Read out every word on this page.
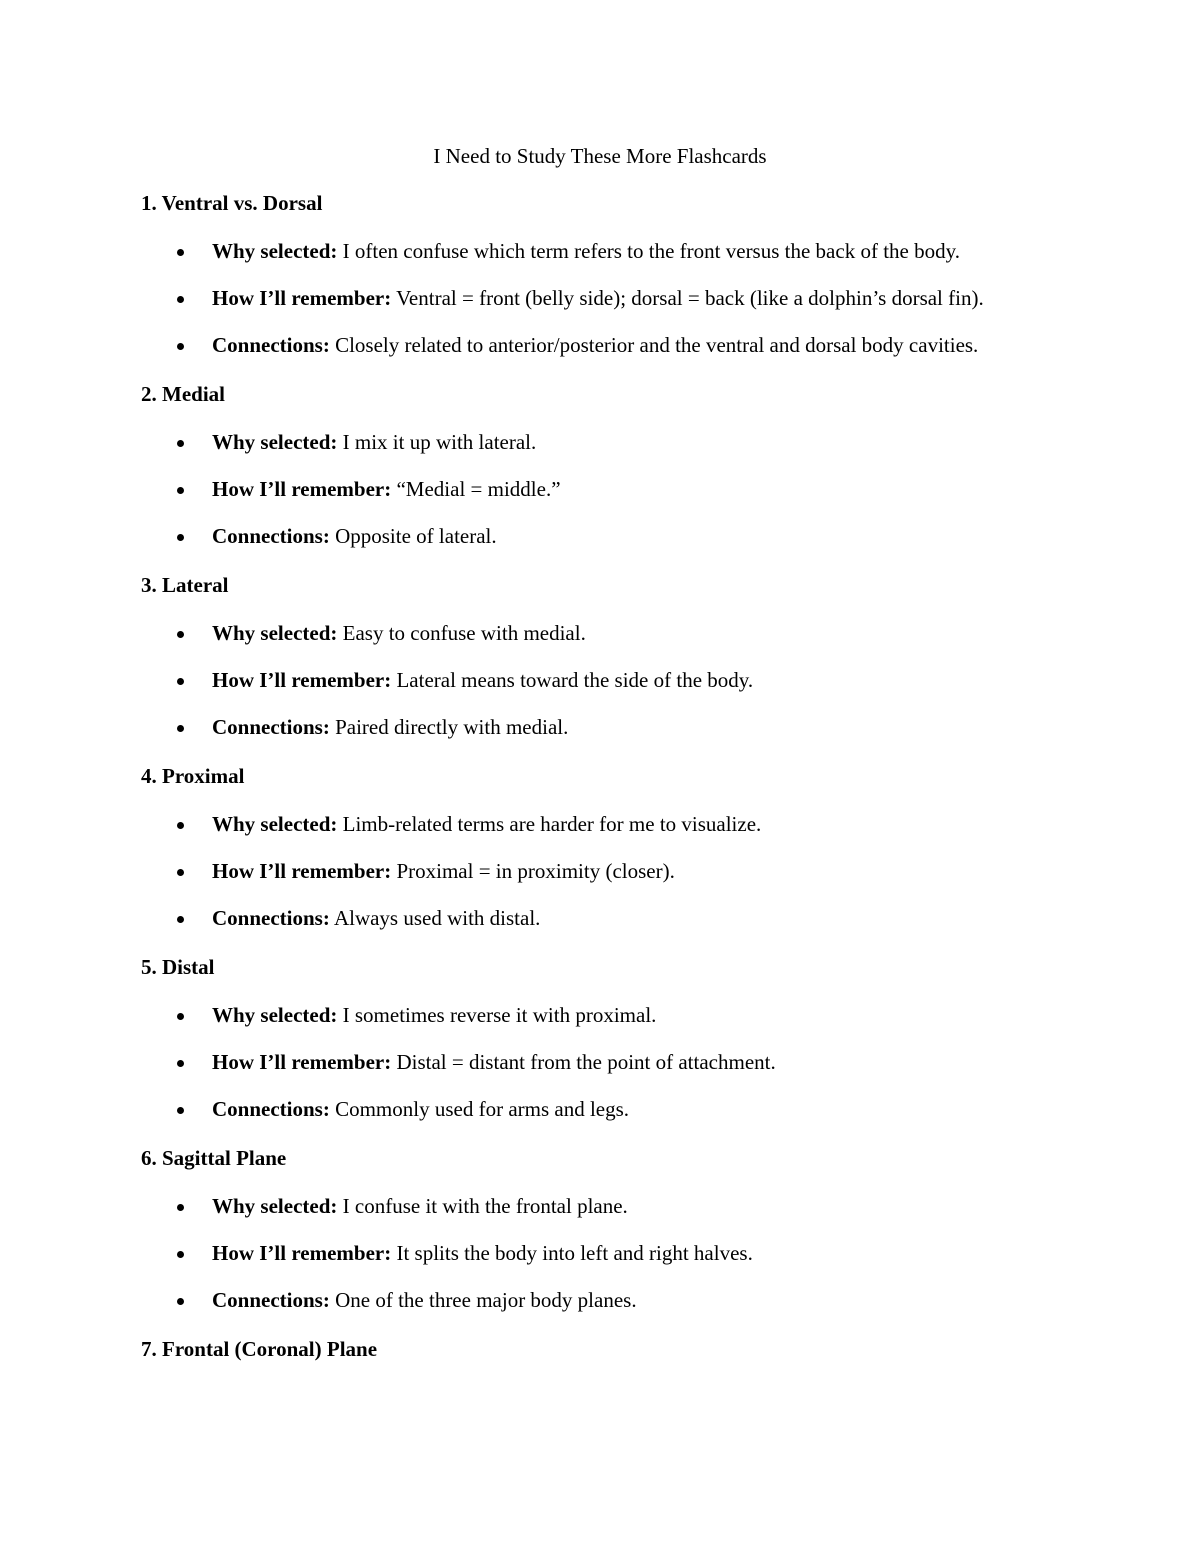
I Need to Study These More Flashcards
1. Ventral vs. Dorsal
Why selected: I often confuse which term refers to the front versus the back of the body.
How I’ll remember: Ventral = front (belly side); dorsal = back (like a dolphin’s dorsal fin).
Connections: Closely related to anterior/posterior and the ventral and dorsal body cavities.
2. Medial
Why selected: I mix it up with lateral.
How I’ll remember: “Medial = middle.”
Connections: Opposite of lateral.
3. Lateral
Why selected: Easy to confuse with medial.
How I’ll remember: Lateral means toward the side of the body.
Connections: Paired directly with medial.
4. Proximal
Why selected: Limb-related terms are harder for me to visualize.
How I’ll remember: Proximal = in proximity (closer).
Connections: Always used with distal.
5. Distal
Why selected: I sometimes reverse it with proximal.
How I’ll remember: Distal = distant from the point of attachment.
Connections: Commonly used for arms and legs.
6. Sagittal Plane
Why selected: I confuse it with the frontal plane.
How I’ll remember: It splits the body into left and right halves.
Connections: One of the three major body planes.
7. Frontal (Coronal) Plane
